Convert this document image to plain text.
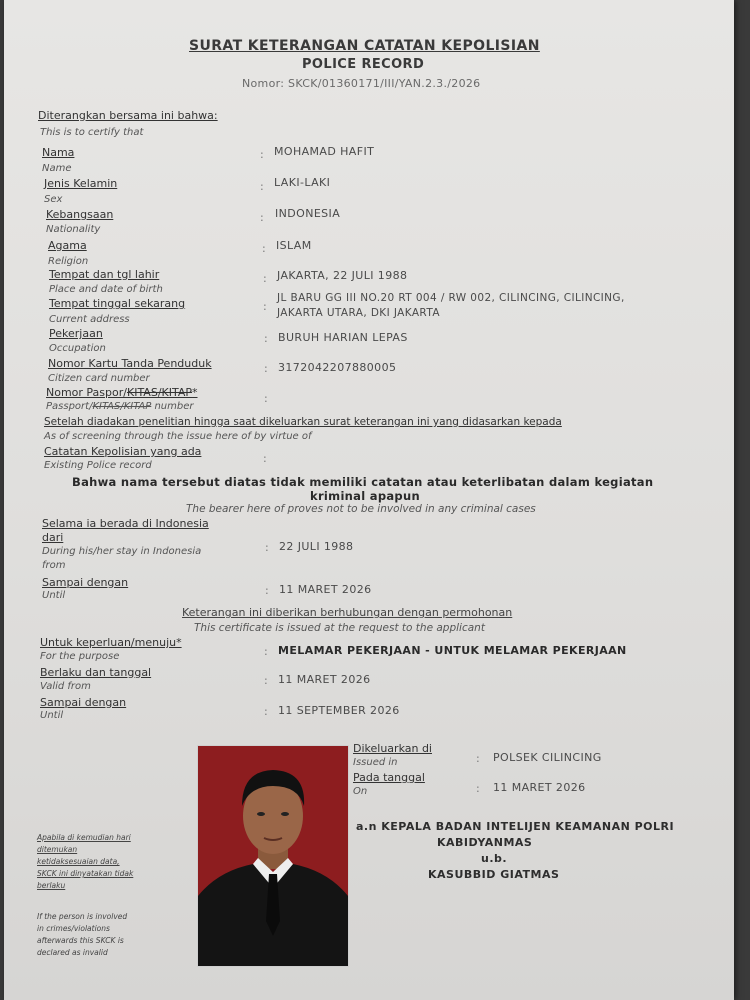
SURAT KETERANGAN CATATAN KEPOLISIAN
POLICE RECORD
Nomor: SKCK/01360171/III/YAN.2.3./2026
Diterangkan bersama ini bahwa:
This is to certify that
Nama
Name
: MOHAMAD HAFIT
Jenis Kelamin
Sex
: LAKI-LAKI
Kebangsaan
Nationality
: INDONESIA
Agama
Religion
: ISLAM
Tempat dan tgl lahir
Place and date of birth
: JAKARTA, 22 JULI 1988
Tempat tinggal sekarang
Current address
:
JL BARU GG III NO.20 RT 004 / RW 002, CILINCING, CILINCING,
JAKARTA UTARA, DKI JAKARTA
Pekerjaan
Occupation
: BURUH HARIAN LEPAS
Nomor Kartu Tanda Penduduk
Citizen card number
: 3172042207880005
Nomor Paspor/KITAS/KITAP*
Passport/KITAS/KITAP number
:
Setelah diadakan penelitian hingga saat dikeluarkan surat keterangan ini yang didasarkan kepada
As of screening through the issue here of by virtue of
Catatan Kepolisian yang ada
Existing Police record
:
Bahwa nama tersebut diatas tidak memiliki catatan atau keterlibatan dalam kegiatan
kriminal apapun
The bearer here of proves not to be involved in any criminal cases
Selama ia berada di Indonesia
dari
During his/her stay in Indonesia
from
: 22 JULI 1988
Sampai dengan
Until	: 11 MARET 2026
Keterangan ini diberikan berhubungan dengan permohonan
This certificate is issued at the request to the applicant
Untuk keperluan/menuju*
For the purpose	: MELAMAR PEKERJAAN - UNTUK MELAMAR PEKERJAAN
Berlaku dan tanggal
Valid from	: 11 MARET 2026
Sampai dengan
Until	: 11 SEPTEMBER 2026
Apabila di kemudian hari
ditemukan
ketidaksesuaian data,
SKCK ini dinyatakan tidak
berlaku
If the person is involved
in crimes/violations
afterwards this SKCK is
declared as invalid
Dikeluarkan di
Issued in	: POLSEK CILINCING
Pada tanggal
On	: 11 MARET 2026
a.n KEPALA BADAN INTELIJEN KEAMANAN POLRI
KABIDYANMAS
u.b.
KASUBBID GIATMAS
